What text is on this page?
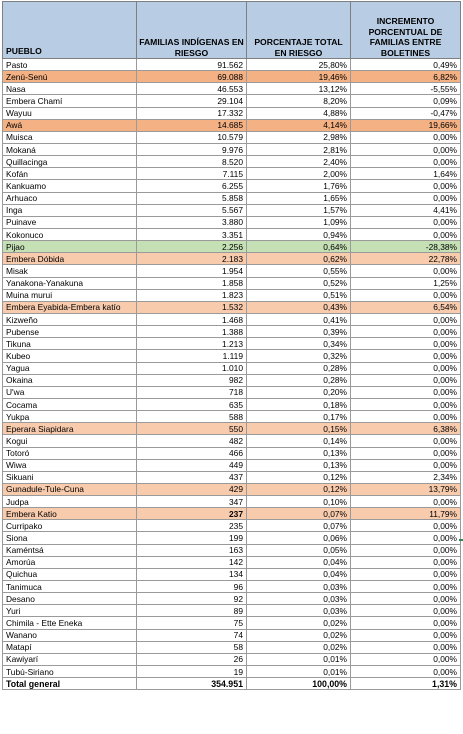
PUEBLO	FAMILIAS INDÍGENAS EN RIESGO	PORCENTAJE TOTAL EN RIESGO	INCREMENTO PORCENTUAL DE FAMILIAS ENTRE BOLETINES
Pasto	91.562	25,80%	0,49%
Zenú-Senú	69.088	19,46%	6,82%
Nasa	46.553	13,12%	-5,55%
Embera Chamí	29.104	8,20%	0,09%
Wayuu	17.332	4,88%	-0,47%
Awá	14.685	4,14%	19,66%
Muisca	10.579	2,98%	0,00%
Mokaná	9.976	2,81%	0,00%
Quillacinga	8.520	2,40%	0,00%
Kofán	7.115	2,00%	1,64%
Kankuamo	6.255	1,76%	0,00%
Arhuaco	5.858	1,65%	0,00%
Inga	5.567	1,57%	4,41%
Puinave	3.880	1,09%	0,00%
Kokonuco	3.351	0,94%	0,00%
Pijao	2.256	0,64%	-28,38%
Embera Dóbida	2.183	0,62%	22,78%
Misak	1.954	0,55%	0,00%
Yanakona-Yanakuna	1.858	0,52%	1,25%
Muina murui	1.823	0,51%	0,00%
Embera Eyabida-Embera katío	1.532	0,43%	6,54%
Kizweño	1.468	0,41%	0,00%
Pubense	1.388	0,39%	0,00%
Tikuna	1.213	0,34%	0,00%
Kubeo	1.119	0,32%	0,00%
Yagua	1.010	0,28%	0,00%
Okaina	982	0,28%	0,00%
U'wa	718	0,20%	0,00%
Cocama	635	0,18%	0,00%
Yukpa	588	0,17%	0,00%
Eperara Siapidara	550	0,15%	6,38%
Kogui	482	0,14%	0,00%
Totoró	466	0,13%	0,00%
Wiwa	449	0,13%	0,00%
Sikuani	437	0,12%	2,34%
Gunadule-Tule-Cuna	429	0,12%	13,79%
Judpa	347	0,10%	0,00%
Embera Katio	237	0,07%	11,79%
Curripako	235	0,07%	0,00%
Siona	199	0,06%	0,00%
Kaméntsá	163	0,05%	0,00%
Amorúa	142	0,04%	0,00%
Quichua	134	0,04%	0,00%
Tanimuca	96	0,03%	0,00%
Desano	92	0,03%	0,00%
Yuri	89	0,03%	0,00%
Chimila - Ette Eneka	75	0,02%	0,00%
Wanano	74	0,02%	0,00%
Matapí	58	0,02%	0,00%
Kawiyarí	26	0,01%	0,00%
Tubú-Siriano	19	0,01%	0,00%
Total general	354.951	100,00%	1,31%
